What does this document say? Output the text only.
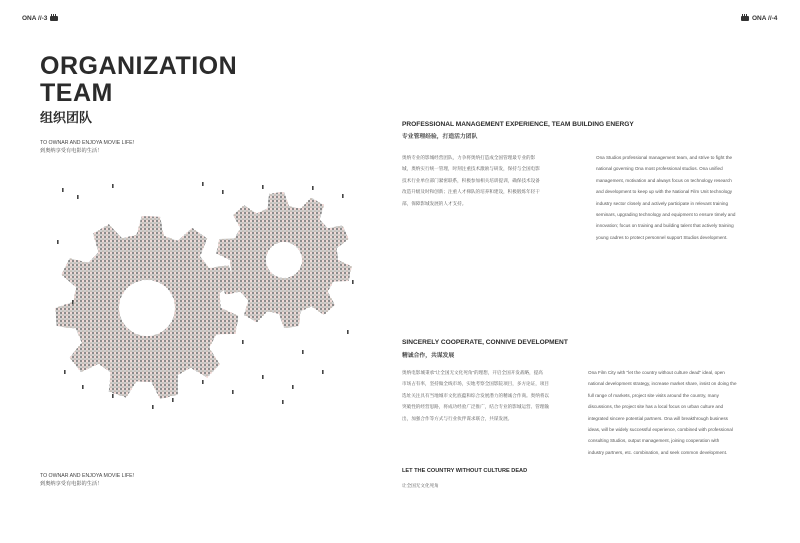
ONA //-3	ONA //-4
ORGANIZATION
TEAM
组织团队
TO OWNAR AND ENJOYA MOVIE LIFE!
到奥纳享受有电影的生活！
TO OWNAR AND ENJOYA MOVIE LIFE!
到奥纳享受有电影的生活！
PROFESSIONAL MANAGEMENT EXPERIENCE, TEAM BUILDING ENERGY
专业管理经验，打造活力团队
奥纳专业的影城经营团队，力争将奥纳打造成全国管理最专业的影
城，奥纳实行统一管理，时刻注重技术激励与研发，保持与全国电影
技术行业单位部门紧密联系，积极参加相关培训提训，确保技术设备
改造升级及时和创新；注重人才梯队的培养和建设，积极锻炼年轻干
部，保障影城发展的人才支持。
Ona Studios professional management team, and strive to fight the
national governing Ona most professional studios. Ona unified
management, motivation and always focus on technology research
and development to keep up with the National Film Unit technology
industry sector closely and actively participate in relevant training
seminars, upgrading technology and equipment to ensure timely and
innovation; focus on training and building talent that actively training
young cadres to protect personnel support Studios development.
SINCERELY COOPERATE, CONNIVE DEVELOPMENT
精诚合作，共谋发展
奥纳电影城秉承“让全国无文化死角”的理想，开启全国开发战略，提高
市场占有率，坚持做全线市场，实地考察全国影院项目，多方论证，项目
选址关注具有当地城市文化底蕴和综合发展潜力的精诚合作商。奥纳将以
突破性的经营思路，将成功经验广泛推广，结合专业的影城运营、管理输
出，加强合作等方式与行业伙伴谋求联合，共谋发展。
Ona Film City with "let the country without culture dead" ideal, open
national development strategy, increase market share, insist on doing the
full range of markets, project site visits around the country, many
discussions, the project site has a local focus on urban culture and
integrated sincere potential partners. Ona will breakthrough business
ideas, will be widely successful experience, combined with professional
consulting Studios, output management, joining cooperation with
industry partners, etc. combination, and seek common development.
LET THE COUNTRY WITHOUT CULTURE DEAD
让全国无文化死角
